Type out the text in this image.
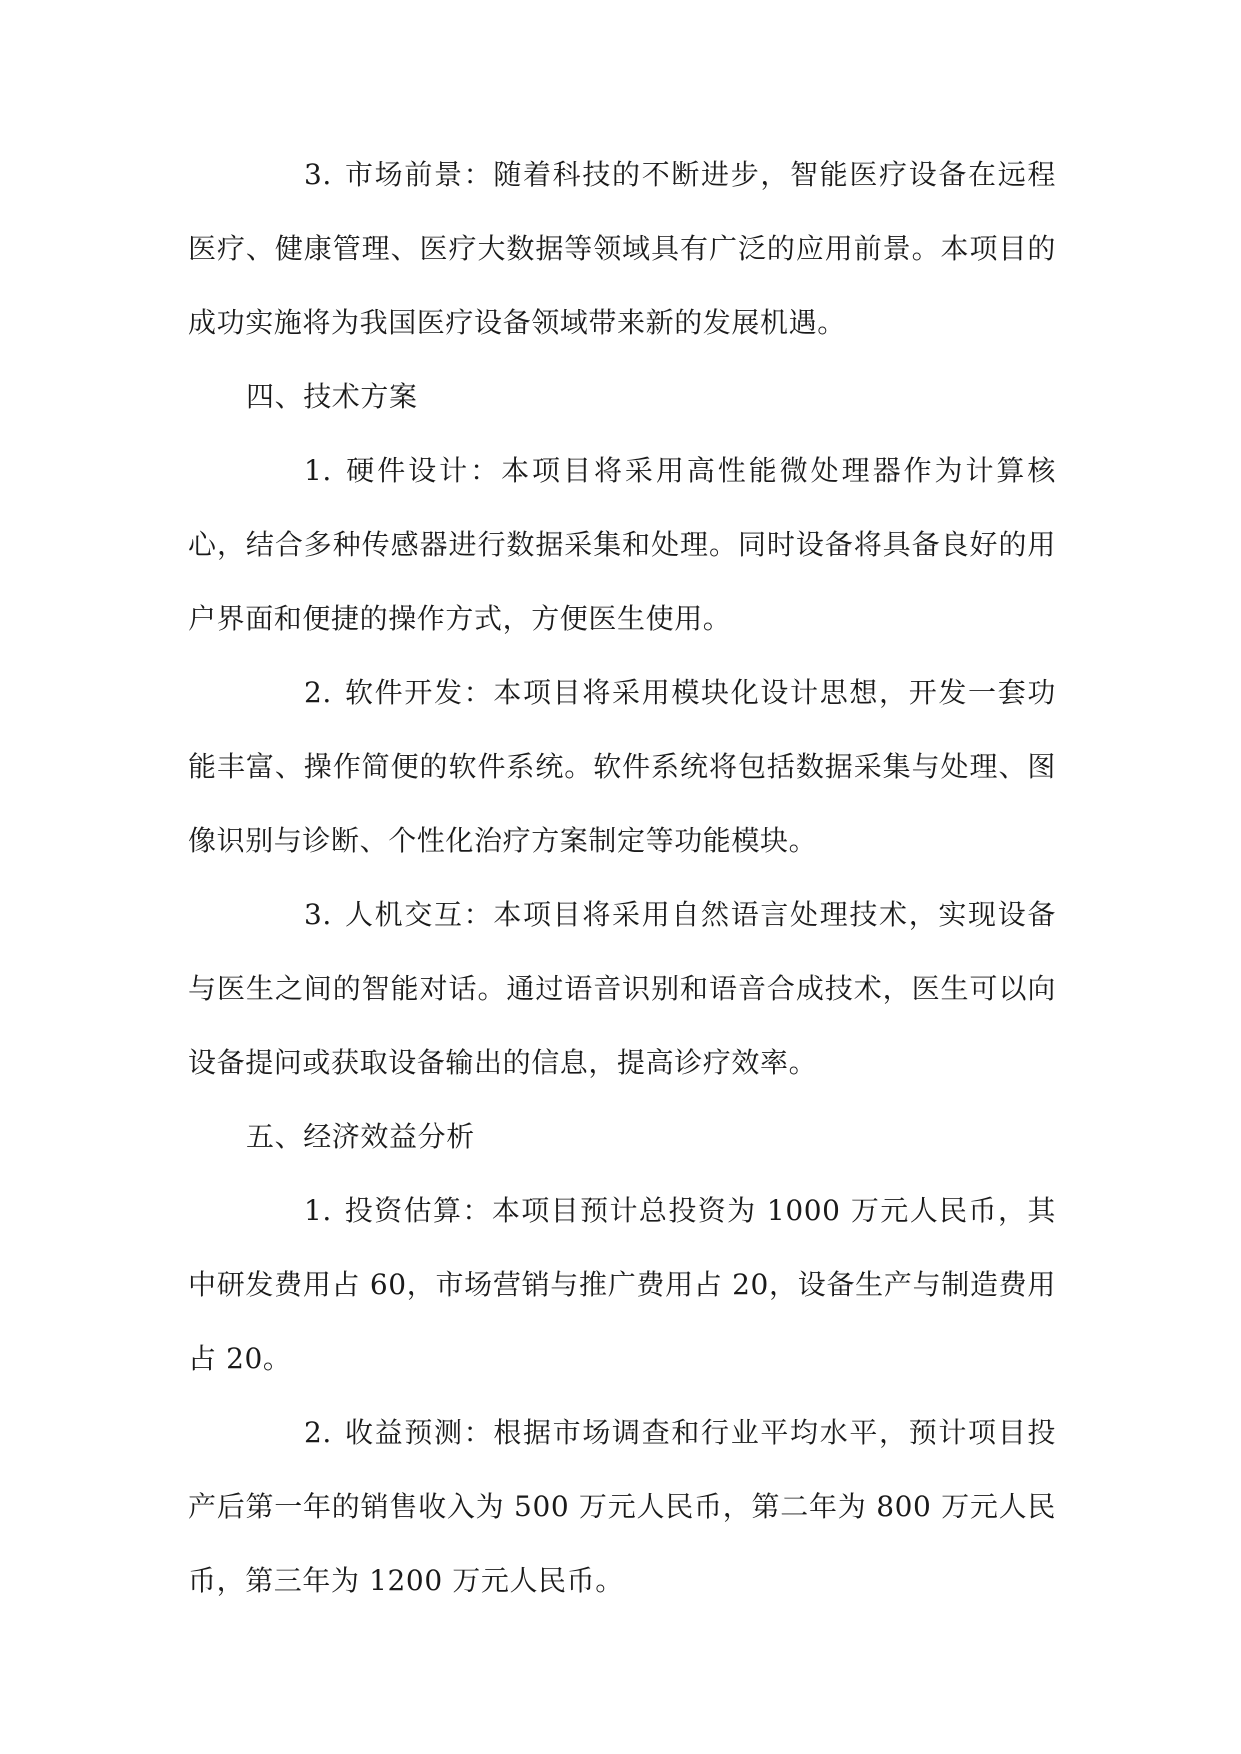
3. 市场前景：随着科技的不断进步，智能医疗设备在远程医疗、健康管理、医疗大数据等领域具有广泛的应用前景。本项目的成功实施将为我国医疗设备领域带来新的发展机遇。

四、技术方案

1. 硬件设计：本项目将采用高性能微处理器作为计算核心，结合多种传感器进行数据采集和处理。同时设备将具备良好的用户界面和便捷的操作方式，方便医生使用。

2. 软件开发：本项目将采用模块化设计思想，开发一套功能丰富、操作简便的软件系统。软件系统将包括数据采集与处理、图像识别与诊断、个性化治疗方案制定等功能模块。

3. 人机交互：本项目将采用自然语言处理技术，实现设备与医生之间的智能对话。通过语音识别和语音合成技术，医生可以向设备提问或获取设备输出的信息，提高诊疗效率。

五、经济效益分析

1. 投资估算：本项目预计总投资为 1000 万元人民币，其中研发费用占 60，市场营销与推广费用占 20，设备生产与制造费用占 20。

2. 收益预测：根据市场调查和行业平均水平，预计项目投产后第一年的销售收入为 500 万元人民币，第二年为 800 万元人民币，第三年为 1200 万元人民币。
